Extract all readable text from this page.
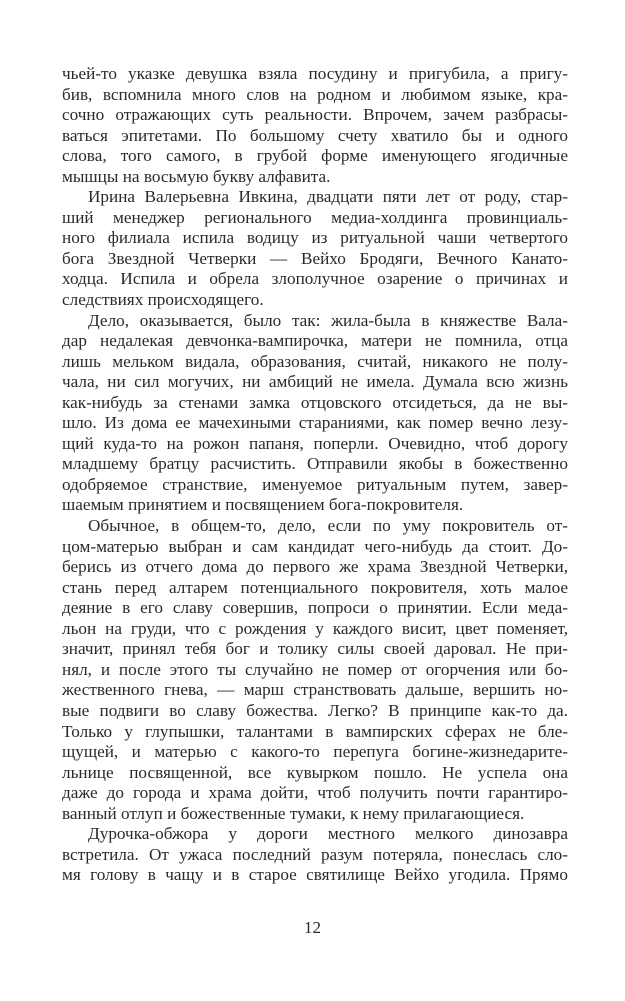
чьей-то указке девушка взяла посудину и пригубила, а пригу-
бив, вспомнила много слов на родном и любимом языке, кра-
сочно отражающих суть реальности. Впрочем, зачем разбрасы-
ваться эпитетами. По большому счету хватило бы и одного
слова, того самого, в грубой форме именующего ягодичные
мышцы на восьмую букву алфавита.
Ирина Валерьевна Ивкина, двадцати пяти лет от роду, стар-
ший менеджер регионального медиа-холдинга провинциаль-
ного филиала испила водицу из ритуальной чаши четвертого
бога Звездной Четверки — Вейхо Бродяги, Вечного Канато-
ходца. Испила и обрела злополучное озарение о причинах и
следствиях происходящего.
Дело, оказывается, было так: жила-была в княжестве Вала-
дар недалекая девчонка-вампирочка, матери не помнила, отца
лишь мельком видала, образования, считай, никакого не полу-
чала, ни сил могучих, ни амбиций не имела. Думала всю жизнь
как-нибудь за стенами замка отцовского отсидеться, да не вы-
шло. Из дома ее мачехиными стараниями, как помер вечно лезу-
щий куда-то на рожон папаня, поперли. Очевидно, чтоб дорогу
младшему братцу расчистить. Отправили якобы в божественно
одобряемое странствие, именуемое ритуальным путем, завер-
шаемым принятием и посвящением бога-покровителя.
Обычное, в общем-то, дело, если по уму покровитель от-
цом-матерью выбран и сам кандидат чего-нибудь да стоит. До-
берись из отчего дома до первого же храма Звездной Четверки,
стань перед алтарем потенциального покровителя, хоть малое
деяние в его славу совершив, попроси о принятии. Если меда-
льон на груди, что с рождения у каждого висит, цвет поменяет,
значит, принял тебя бог и толику силы своей даровал. Не при-
нял, и после этого ты случайно не помер от огорчения или бо-
жественного гнева, — марш странствовать дальше, вершить но-
вые подвиги во славу божества. Легко? В принципе как-то да.
Только у глупышки, талантами в вампирских сферах не бле-
щущей, и матерью с какого-то перепуга богине-жизнедарите-
льнице посвященной, все кувырком пошло. Не успела она
даже до города и храма дойти, чтоб получить почти гарантиро-
ванный отлуп и божественные тумаки, к нему прилагающиеся.
Дурочка-обжора у дороги местного мелкого динозавра
встретила. От ужаса последний разум потеряла, понеслась сло-
мя голову в чащу и в старое святилище Вейхо угодила. Прямо
12
